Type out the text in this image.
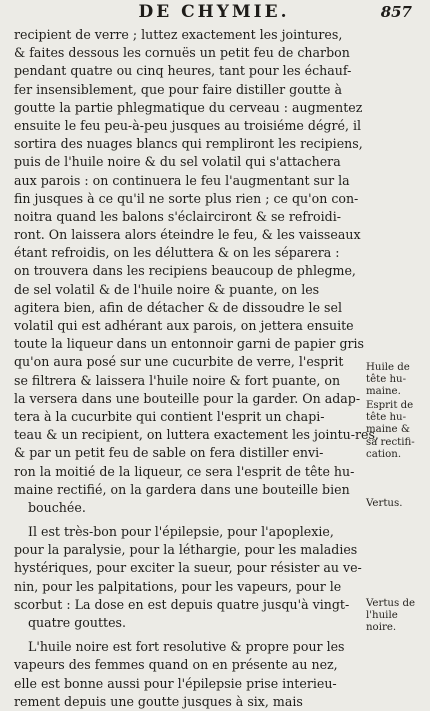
DE CHYMIE.	857
recipient de verre ; luttez exactement les jointures,
& faites dessous les cornuës un petit feu de charbon
pendant quatre ou cinq heures, tant pour les échauf-
fer insensiblement, que pour faire distiller goutte à
goutte la partie phlegmatique du cerveau : augmentez
ensuite le feu peu-à-peu jusques au troisiéme dégré, il
sortira des nuages blancs qui rempliront les recipiens,
puis de l'huile noire & du sel volatil qui s'attachera
aux parois : on continuera le feu l'augmentant sur la
fin jusques à ce qu'il ne sorte plus rien ; ce qu'on con-
noitra quand les balons s'éclairciront & se refroidi-
ront. On laissera alors éteindre le feu, & les vaisseaux
étant refroidis, on les déluttera & on les séparera :
on trouvera dans les recipiens beaucoup de phlegme,
de sel volatil & de l'huile noire & puante, on les
agitera bien, afin de détacher & de dissoudre le sel
volatil qui est adhérant aux parois, on jettera ensuite
toute la liqueur dans un entonnoir garni de papier gris
qu'on aura posé sur une cucurbite de verre, l'esprit
se filtrera & laissera l'huile noire & fort puante, on
la versera dans une bouteille pour la garder. On adap-
tera à la cucurbite qui contient l'esprit un chapi-
teau & un recipient, on luttera exactement les jointu-res,
& par un petit feu de sable on fera distiller envi-
ron la moitié de la liqueur, ce sera l'esprit de tête hu-
maine rectifié, on la gardera dans une bouteille bien
bouchée.
Il est très-bon pour l'épilepsie, pour l'apoplexie,
pour la paralysie, pour la léthargie, pour les maladies
hystériques, pour exciter la sueur, pour résister au ve-
nin, pour les palpitations, pour les vapeurs, pour le
scorbut : La dose en est depuis quatre jusqu'à vingt-
quatre gouttes.
L'huile noire est fort resolutive & propre pour les
vapeurs des femmes quand on en présente au nez,
elle est bonne aussi pour l'épilepsie prise interieu-
rement depuis une goutte jusques à six, mais
Huile de
tête hu-
maine.
Esprit de
tête hu-
maine &
sa rectifi-
cation.
Vertus.
Vertus de
l'huile
noire.
